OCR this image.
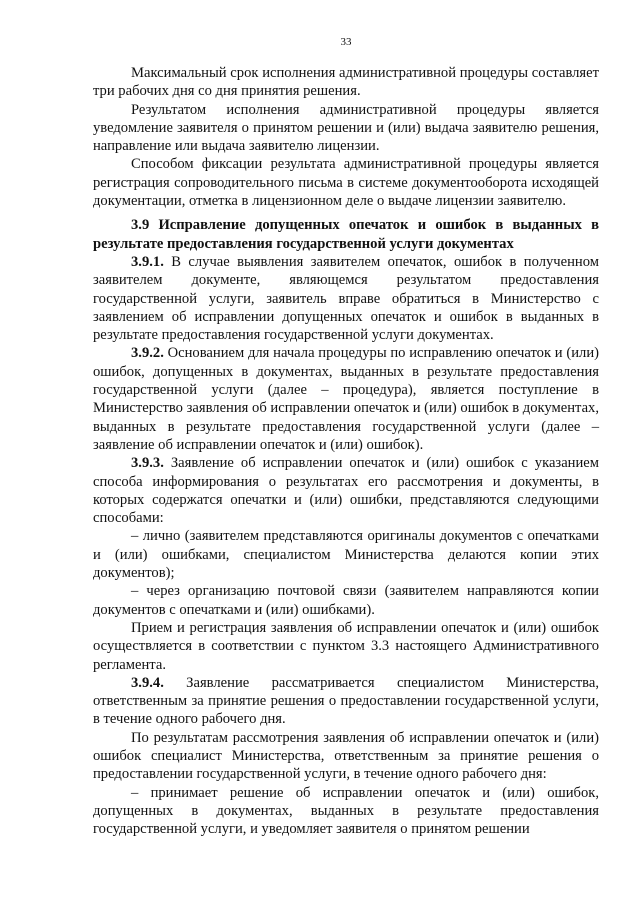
33

Максимальный срок исполнения административной процедуры составляет три рабочих дня со дня принятия решения.

Результатом исполнения административной процедуры является уведомление заявителя о принятом решении и (или) выдача заявителю решения, направление или выдача заявителю лицензии.

Способом фиксации результата административной процедуры является регистрация сопроводительного письма в системе документооборота исходящей документации, отметка в лицензионном деле о выдаче лицензии заявителю.

3.9 Исправление допущенных опечаток и ошибок в выданных в результате предоставления государственной услуги документах

3.9.1. В случае выявления заявителем опечаток, ошибок в полученном заявителем документе, являющемся результатом предоставления государственной услуги, заявитель вправе обратиться в Министерство с заявлением об исправлении допущенных опечаток и ошибок в выданных в результате предоставления государственной услуги документах.

3.9.2. Основанием для начала процедуры по исправлению опечаток и (или) ошибок, допущенных в документах, выданных в результате предоставления государственной услуги (далее – процедура), является поступление в Министерство заявления об исправлении опечаток и (или) ошибок в документах, выданных в результате предоставления государственной услуги (далее – заявление об исправлении опечаток и (или) ошибок).

3.9.3. Заявление об исправлении опечаток и (или) ошибок с указанием способа информирования о результатах его рассмотрения и документы, в которых содержатся опечатки и (или) ошибки, представляются следующими способами:

– лично (заявителем представляются оригиналы документов с опечатками и (или) ошибками, специалистом Министерства делаются копии этих документов);

– через организацию почтовой связи (заявителем направляются копии документов с опечатками и (или) ошибками).

Прием и регистрация заявления об исправлении опечаток и (или) ошибок осуществляется в соответствии с пунктом 3.3 настоящего Административного регламента.

3.9.4. Заявление рассматривается специалистом Министерства, ответственным за принятие решения о предоставлении государственной услуги, в течение одного рабочего дня.

По результатам рассмотрения заявления об исправлении опечаток и (или) ошибок специалист Министерства, ответственным за принятие решения о предоставлении государственной услуги, в течение одного рабочего дня:

– принимает решение об исправлении опечаток и (или) ошибок, допущенных в документах, выданных в результате предоставления государственной услуги, и уведомляет заявителя о принятом решении
